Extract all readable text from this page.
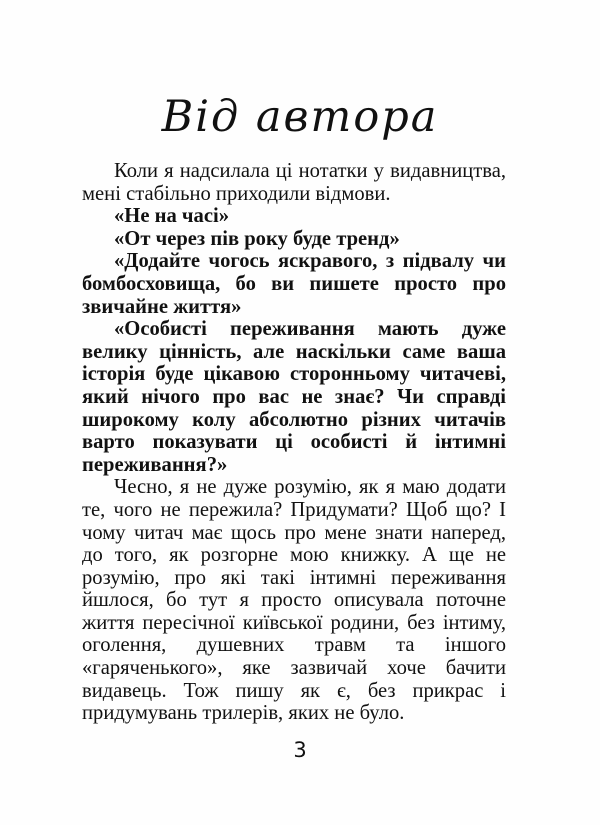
Від автора

Коли я надсилала ці нотатки у видавництва, мені стабільно приходили відмови.

«Не на часі»

«От через пів року буде тренд»

«Додайте чогось яскравого, з підвалу чи бомбосховища, бо ви пишете просто про звичайне життя»

«Особисті переживання мають дуже велику цінність, але наскільки саме ваша історія буде цікавою сторонньому читачеві, який нічого про вас не знає? Чи справді широкому колу абсолютно різних читачів варто показувати ці особисті й інтимні переживання?»

Чесно, я не дуже розумію, як я маю додати те, чого не пережила? Придумати? Щоб що? І чому читач має щось про мене знати наперед, до того, як розгорне мою книжку. А ще не розумію, про які такі інтимні переживання йшлося, бо тут я просто описувала поточне життя пересічної київської родини, без інтиму, оголення, душевних травм та іншого «гаряченького», яке зазвичай хоче бачити видавець. Тож пишу як є, без прикрас і придумувань трилерів, яких не було.

3
